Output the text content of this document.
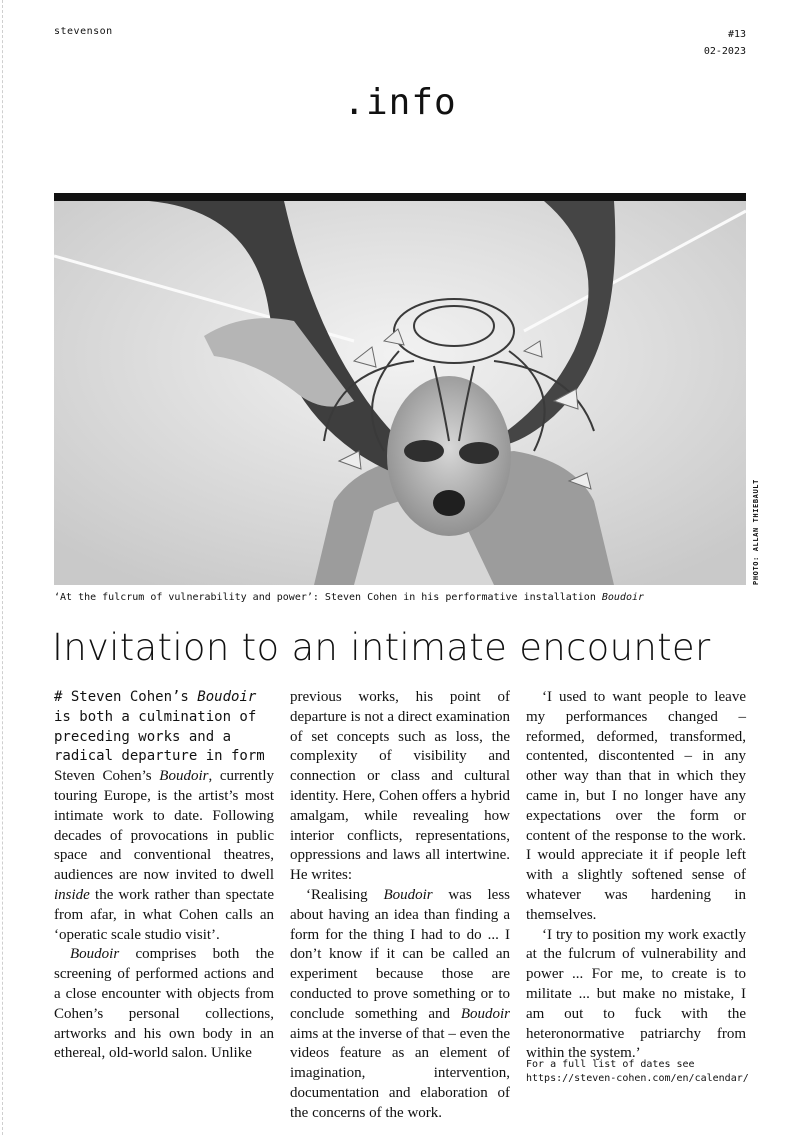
stevenson	#13
02-2023
.info
PHOTO: ALLAN THIEBAULT
‘At the fulcrum of vulnerability and power’: Steven Cohen in his performative installation Boudoir
Invitation to an intimate encounter

# Steven Cohen’s Boudoir is both a culmination of preceding works and a radical departure in form

Steven Cohen’s Boudoir, currently touring Europe, is the artist’s most intimate work to date. Following decades of provocations in public space and conventional theatres, audiences are now invited to dwell inside the work rather than spectate from afar, in what Cohen calls an ‘operatic scale studio visit’.

Boudoir comprises both the screening of performed actions and a close encounter with objects from Cohen’s personal collections, artworks and his own body in an ethereal, old-world salon. Unlike

previous works, his point of departure is not a direct examination of set concepts such as loss, the complexity of visibility and connection or class and cultural identity. Here, Cohen offers a hybrid amalgam, while revealing how interior conflicts, representations, oppressions and laws all intertwine. He writes:

‘Realising Boudoir was less about having an idea than finding a form for the thing I had to do ... I don’t know if it can be called an experiment because those are conducted to prove something or to conclude something and Boudoir aims at the inverse of that – even the videos feature as an element of imagination, intervention, documentation and elaboration of the concerns of the work.

‘I used to want people to leave my performances changed – reformed, deformed, transformed, contented, discontented – in any other way than that in which they came in, but I no longer have any expectations over the form or content of the response to the work. I would appreciate it if people left with a slightly softened sense of whatever was hardening in themselves.

‘I try to position my work exactly at the fulcrum of vulnerability and power ... For me, to create is to militate ... but make no mistake, I am out to fuck with the heteronormative patriarchy from within the system.’

For a full list of dates see
https://steven-cohen.com/en/calendar/
